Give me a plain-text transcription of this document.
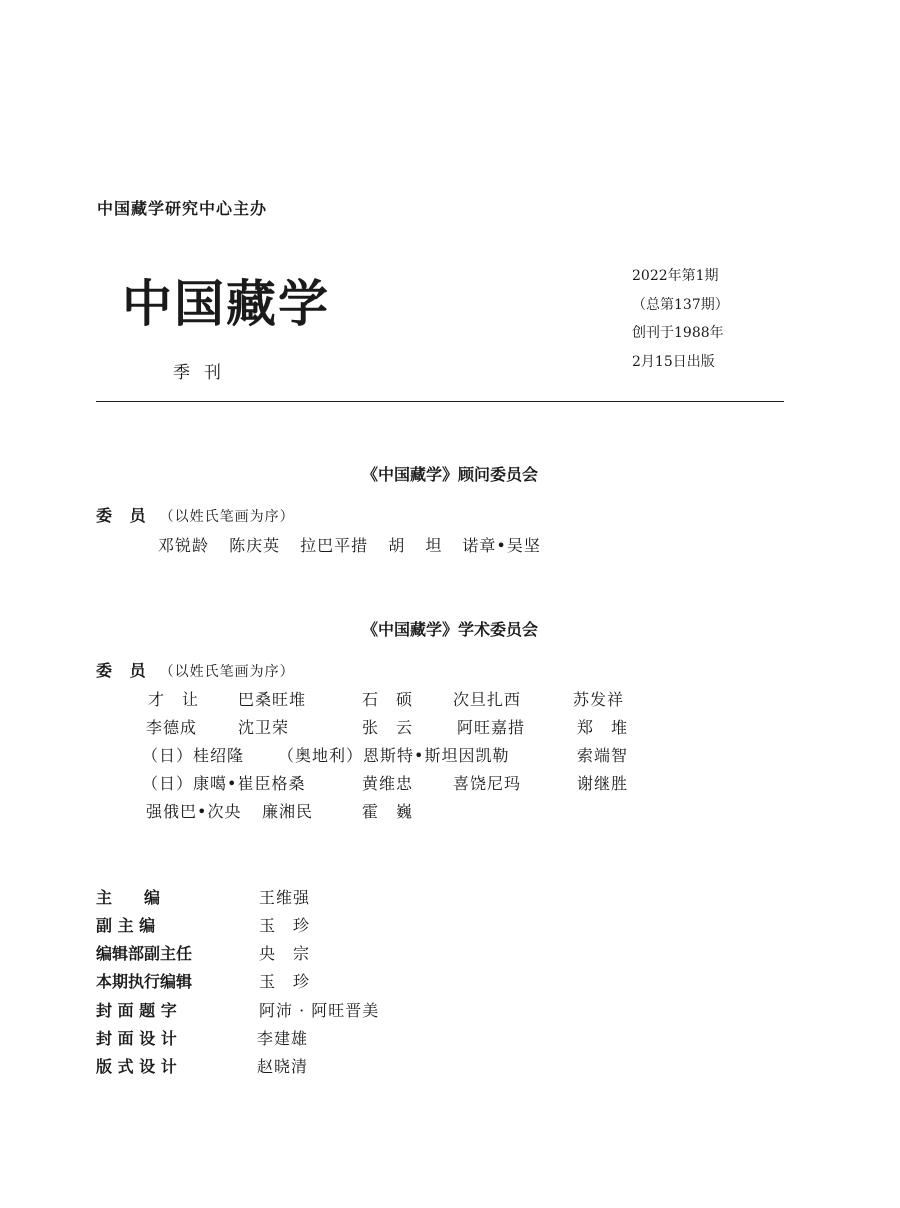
中国藏学研究中心主办
中国藏学
季刊
2022年第1期
（总第137期）
创刊于1988年
2月15日出版
《中国藏学》顾问委员会
委 员 （以姓氏笔画为序）
邓锐龄 陈庆英 拉巴平措 胡 坦 诺章•吴坚
《中国藏学》学术委员会
委 员 （以姓氏笔画为序）
才　让 巴桑旺堆	石　硕 次旦扎西	苏发祥
李德成	沈卫荣	张　云	阿旺嘉措	郑　堆
（日）桂绍隆 （奥地利）恩斯特•斯坦因凯勒	索端智
（日）康噶•崔臣格桑	黄维忠 喜饶尼玛	谢继胜
强俄巴•次央 廉湘民	霍　巍
主　　编	王维强
副 主 编	玉　珍
编辑部副主任	央　宗
本期执行编辑	玉　珍
封 面 题 字	阿沛 · 阿旺晋美
封 面 设 计	李建雄
版 式 设 计	赵晓清
